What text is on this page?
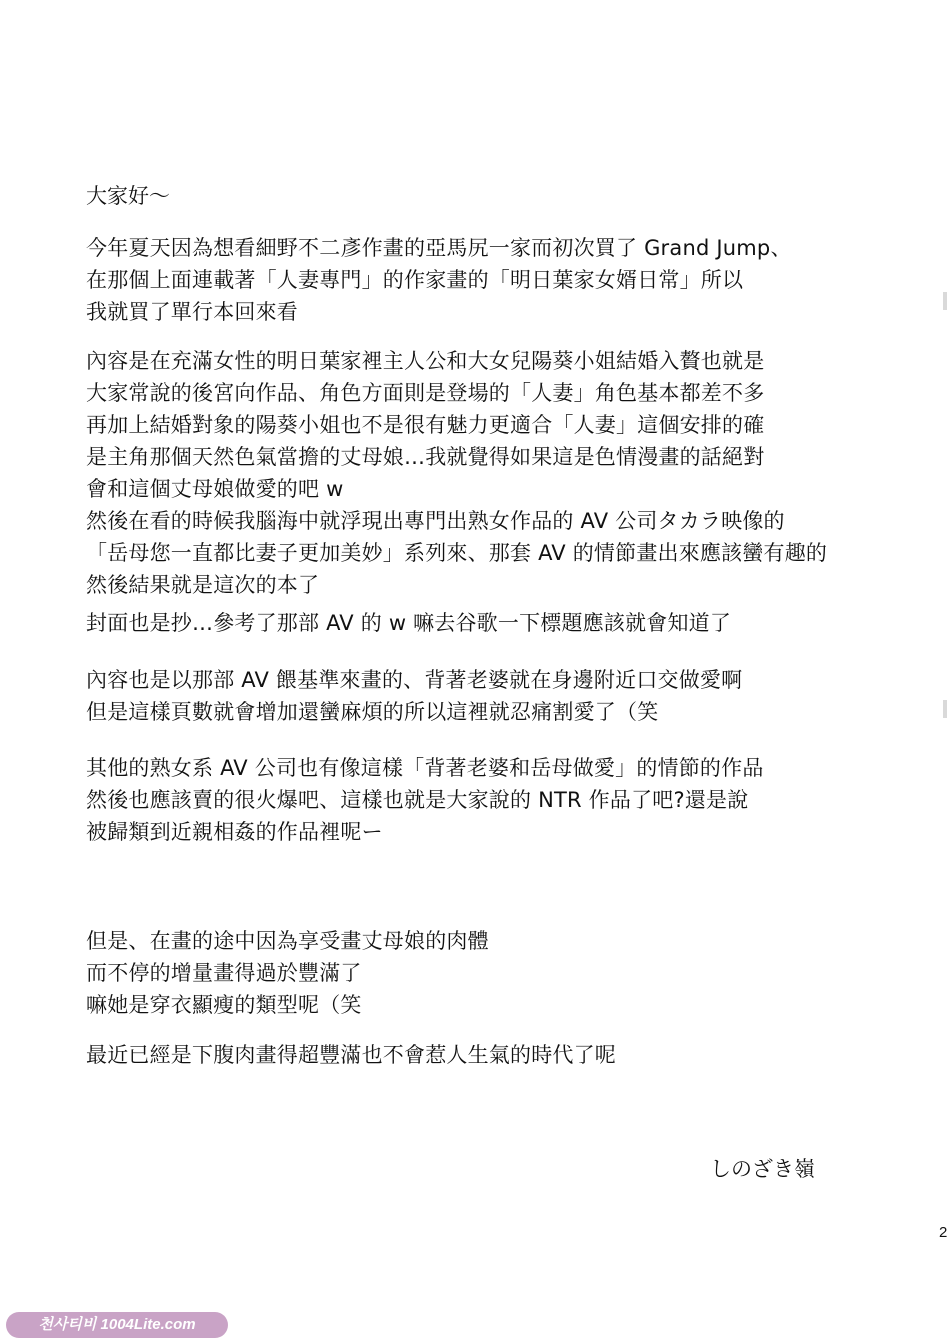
大家好～
今年夏天因為想看細野不二彥作畫的亞馬尻一家而初次買了 Grand Jump、
在那個上面連載著「人妻專門」的作家畫的「明日葉家女婿日常」所以
我就買了單行本回來看
內容是在充滿女性的明日葉家裡主人公和大女兒陽葵小姐結婚入贅也就是
大家常說的後宮向作品、角色方面則是登場的「人妻」角色基本都差不多
再加上結婚對象的陽葵小姐也不是很有魅力更適合「人妻」這個安排的確
是主角那個天然色氣當擔的丈母娘…我就覺得如果這是色情漫畫的話絕對
會和這個丈母娘做愛的吧 w
然後在看的時候我腦海中就浮現出專門出熟女作品的 AV 公司タカラ映像的
「岳母您一直都比妻子更加美妙」系列來、那套 AV 的情節畫出來應該蠻有趣的
然後結果就是這次的本了
封面也是抄…參考了那部 AV 的 w 嘛去谷歌一下標題應該就會知道了
內容也是以那部 AV 餵基準來畫的、背著老婆就在身邊附近口交做愛啊
但是這樣頁數就會增加還蠻麻煩的所以這裡就忍痛割愛了（笑
其他的熟女系 AV 公司也有像這樣「背著老婆和岳母做愛」的情節的作品
然後也應該賣的很火爆吧、這樣也就是大家說的 NTR 作品了吧?還是說
被歸類到近親相姦的作品裡呢ー
但是、在畫的途中因為享受畫丈母娘的肉體
而不停的增量畫得過於豐滿了
嘛她是穿衣顯瘦的類型呢（笑
最近已經是下腹肉畫得超豐滿也不會惹人生氣的時代了呢
しのざき嶺
2
천사티비 1004Lite.com
